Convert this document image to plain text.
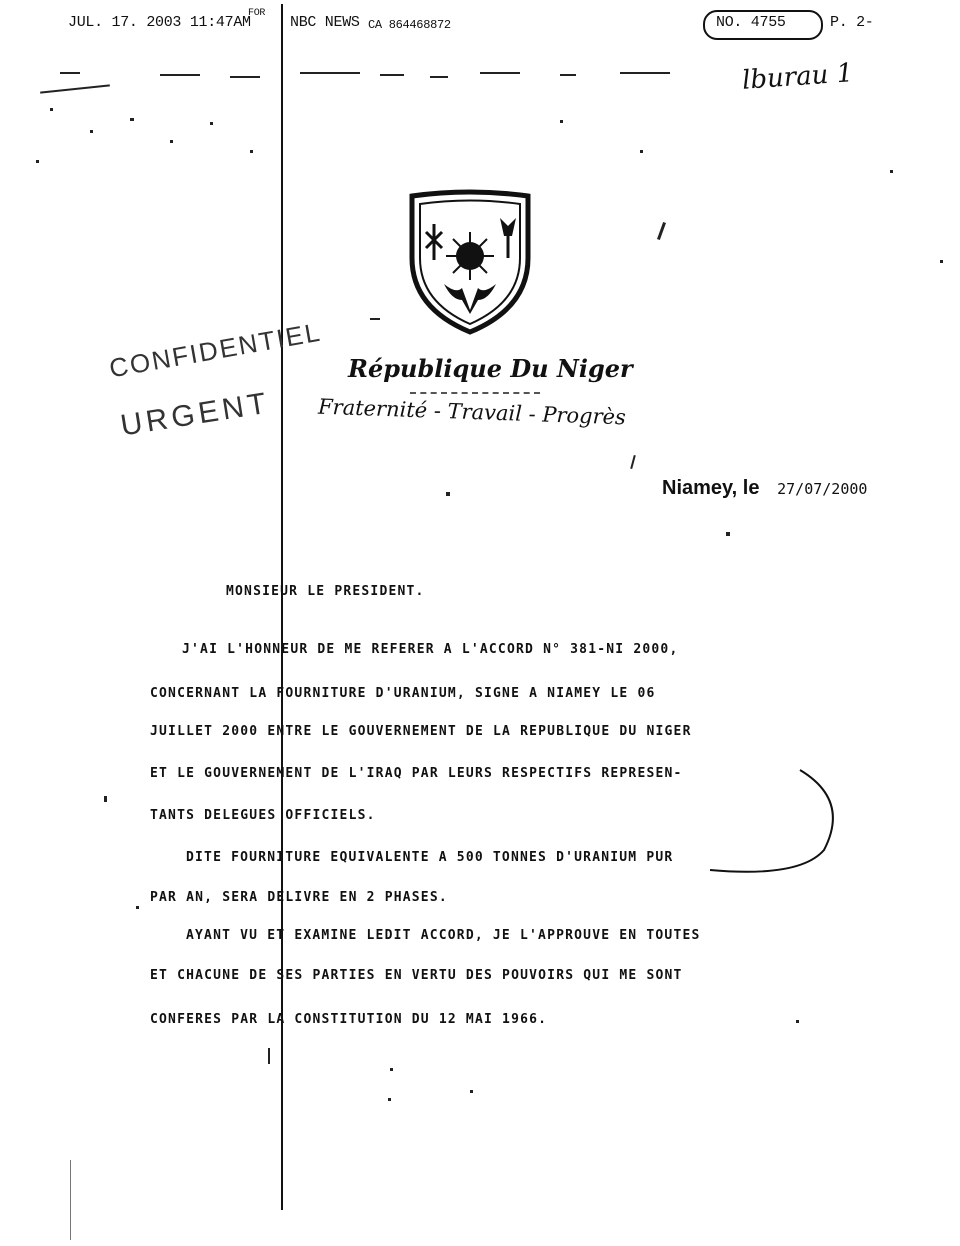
JUL. 17. 2003 11:47AM
FOR
NBC NEWS CA 864468872	NO. 4755	P. 2-
lburau 1
CONFIDENTIEL
URGENT
République Du Niger
Fraternité - Travail - Progrès
Niamey, le 27/07/2000
MONSIEUR LE PRESIDENT.
J'AI L'HONNEUR DE ME REFERER A L'ACCORD N° 381-NI 2000,
CONCERNANT LA FOURNITURE D'URANIUM, SIGNE A NIAMEY LE 06
JUILLET 2000 ENTRE LE GOUVERNEMENT DE LA REPUBLIQUE DU NIGER
ET LE GOUVERNEMENT DE L'IRAQ PAR LEURS RESPECTIFS REPRESEN-
TANTS DELEGUES OFFICIELS.
DITE FOURNITURE EQUIVALENTE A 500 TONNES D'URANIUM PUR
PAR AN, SERA DELIVRE EN 2 PHASES.
AYANT VU ET EXAMINE LEDIT ACCORD, JE L'APPROUVE EN TOUTES
ET CHACUNE DE SES PARTIES EN VERTU DES POUVOIRS QUI ME SONT
CONFERES PAR LA CONSTITUTION DU 12 MAI 1966.
